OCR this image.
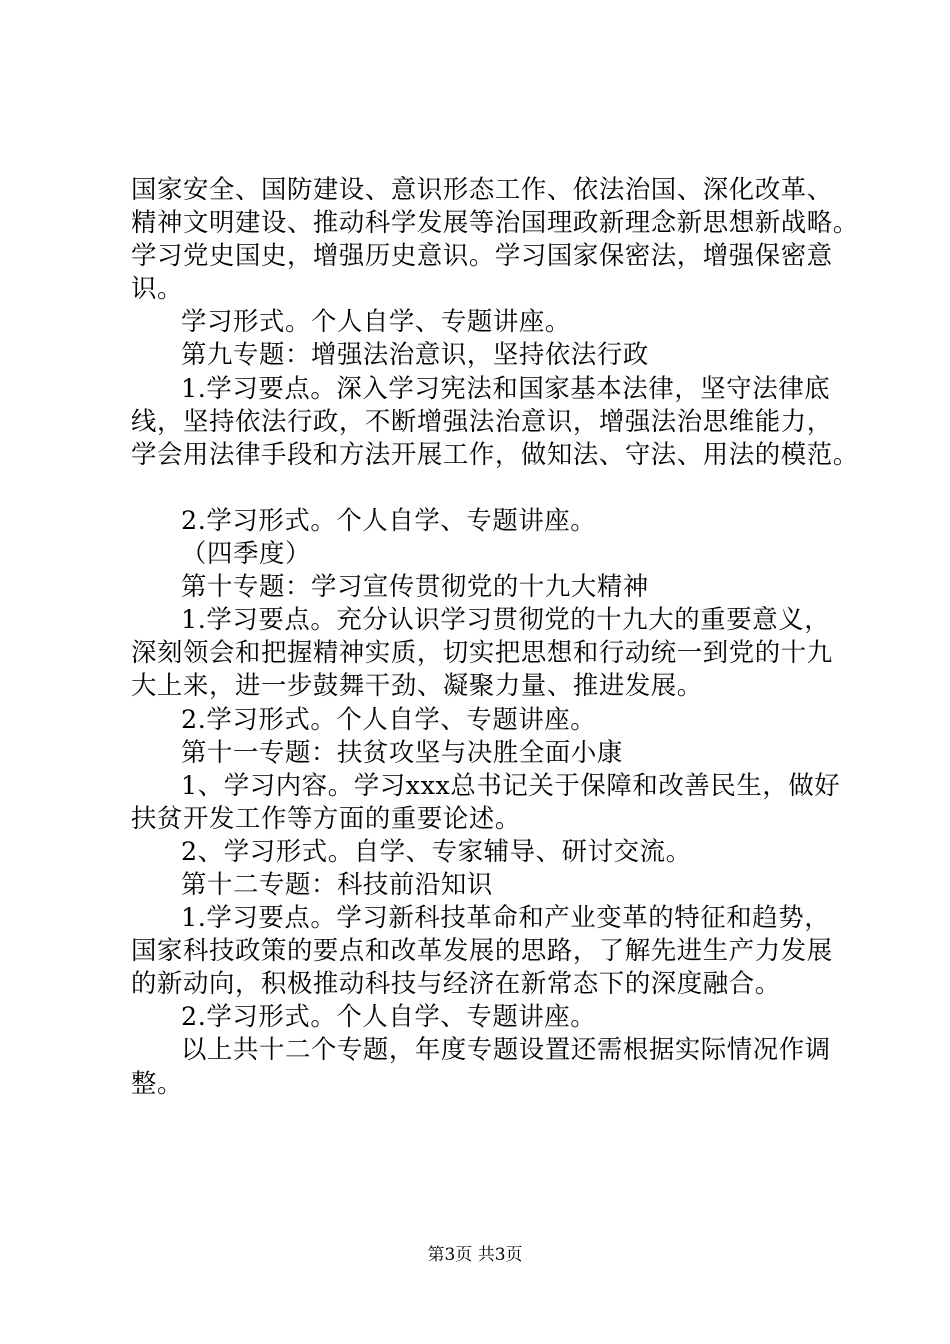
国家安全、国防建设、意识形态工作、依法治国、深化改革、
精神文明建设、推动科学发展等治国理政新理念新思想新战略。
学习党史国史，增强历史意识。学习国家保密法，增强保密意
识。
学习形式。个人自学、专题讲座。
第九专题：增强法治意识，坚持依法行政
1.学习要点。深入学习宪法和国家基本法律，坚守法律底
线，坚持依法行政，不断增强法治意识，增强法治思维能力，
学会用法律手段和方法开展工作，做知法、守法、用法的模范。
2.学习形式。个人自学、专题讲座。
（四季度）
第十专题：学习宣传贯彻党的十九大精神
1.学习要点。充分认识学习贯彻党的十九大的重要意义，
深刻领会和把握精神实质，切实把思想和行动统一到党的十九
大上来，进一步鼓舞干劲、凝聚力量、推进发展。
2.学习形式。个人自学、专题讲座。
第十一专题：扶贫攻坚与决胜全面小康
1、学习内容。学习xxx总书记关于保障和改善民生，做好
扶贫开发工作等方面的重要论述。
2、学习形式。自学、专家辅导、研讨交流。
第十二专题：科技前沿知识
1.学习要点。学习新科技革命和产业变革的特征和趋势，
国家科技政策的要点和改革发展的思路，了解先进生产力发展
的新动向，积极推动科技与经济在新常态下的深度融合。
2.学习形式。个人自学、专题讲座。
以上共十二个专题，年度专题设置还需根据实际情况作调
整。
第3页 共3页
